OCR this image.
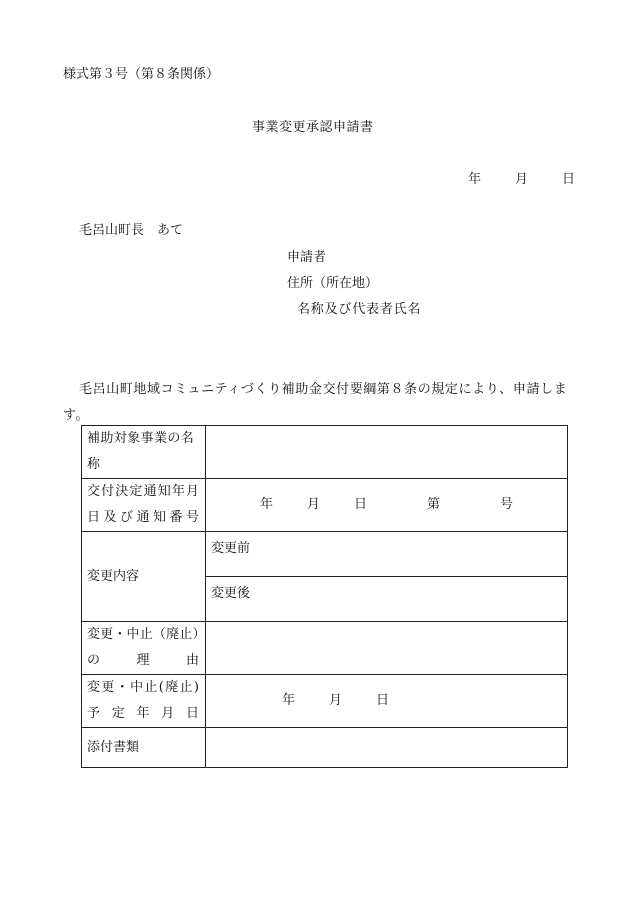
様式第３号（第８条関係）
事業変更承認申請書
年	月	日
毛呂山町長　あて
申請者
住所（所在地）
名称及び代表者氏名
毛呂山町地域コミュニティづくり補助金交付要綱第８条の規定により、申請します。
補助対象事業の名称	

交付決定通知年月日及び通知番号	年 月 日 第 号
変更内容	変更前
	変更後

変更・中止（廃止）の理由	

変更・中止(廃止) 予定年月日	年 月 日
添付書類	
